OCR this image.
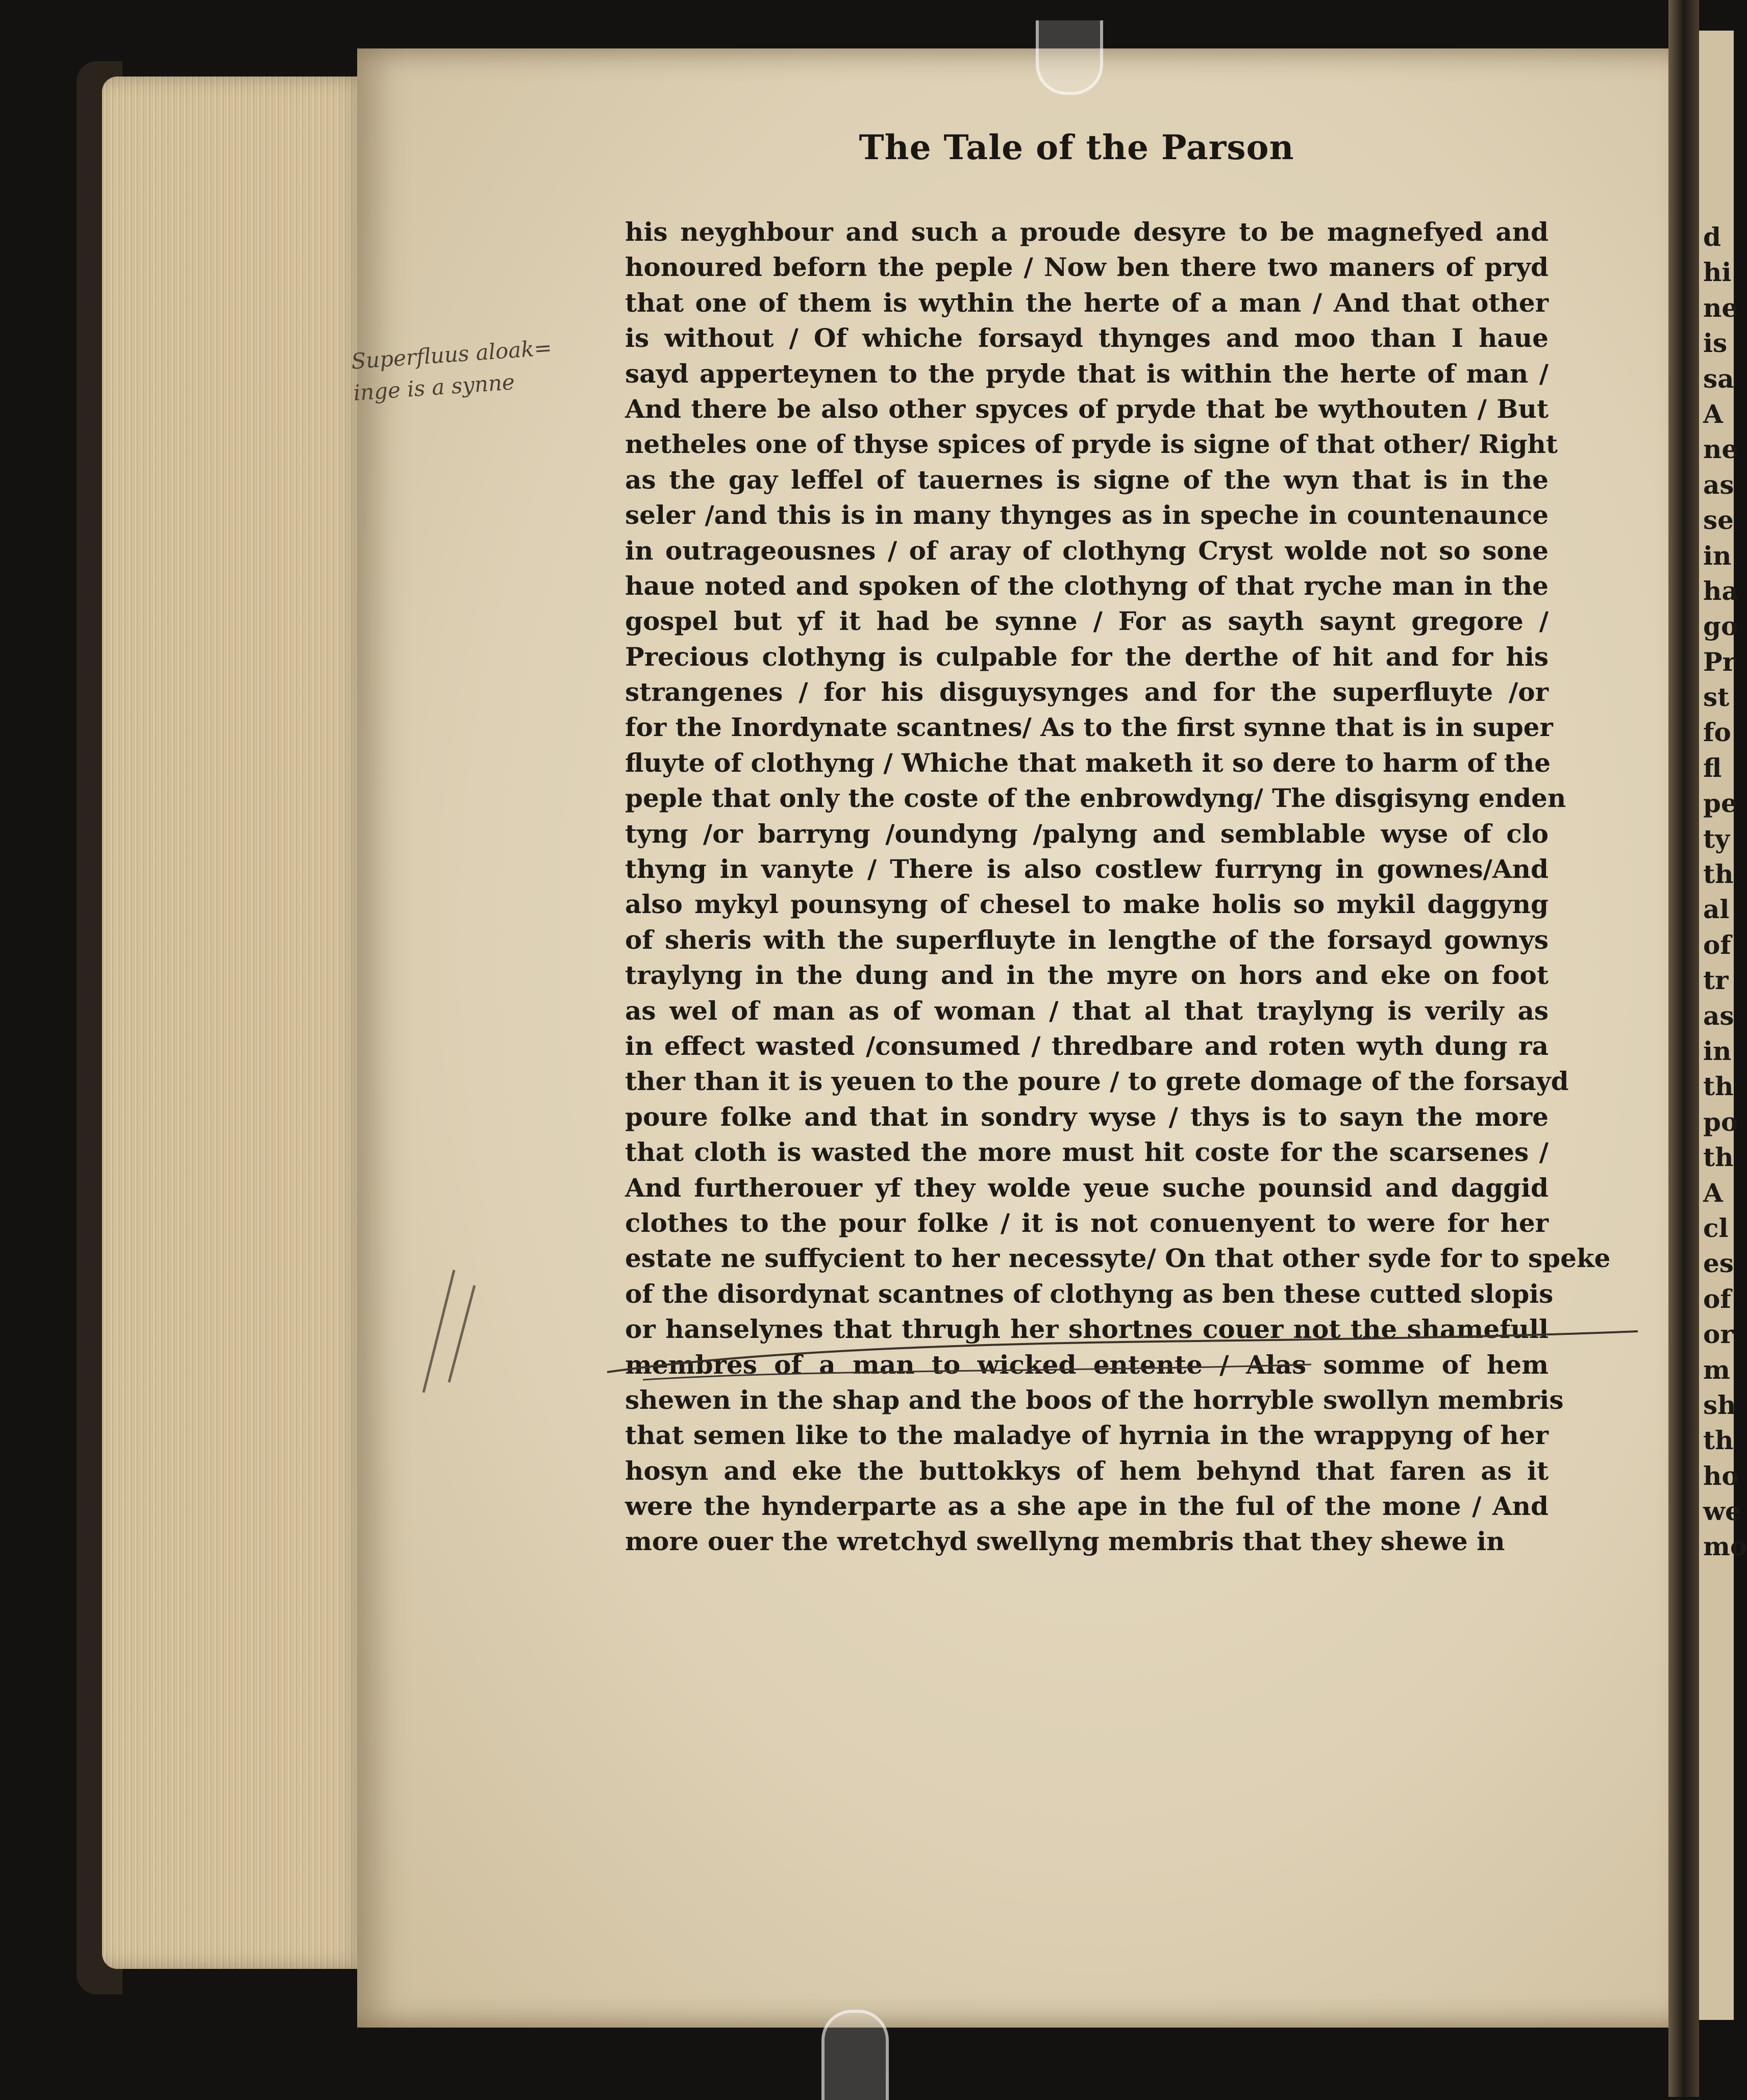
d
hi
ne
is
sa
A
ne
as
se
in
ha
go
Pr
st
fo
fl
pe
ty
th
al
of
tr
as
in
th
po
th
A
cl
es
of
or
m
sh
th
ho
we
mo
The Tale of the Parson
his neyghbour and such a proude desyre to be magnefyed and
honoured beforn the peple / Now ben there two maners of pryd
that one of them is wythin the herte of a man / And that other
is without / Of whiche forsayd thynges and moo than I haue
sayd apperteynen to the pryde that is within the herte of man /
And there be also other spyces of pryde that be wythouten / But
netheles one of thyse spices of pryde is signe of that other/ Right
as the gay leffel of tauernes is signe of the wyn that is in the
seler /and this is in many thynges as in speche in countenaunce
in outrageousnes / of aray of clothyng Cryst wolde not so sone
haue noted and spoken of the clothyng of that ryche man in the
gospel but yf it had be synne / For as sayth saynt gregore /
Precious clothyng is culpable for the derthe of hit and for his
strangenes / for his disguysynges and for the superfluyte /or
for the Inordynate scantnes/ As to the first synne that is in super
fluyte of clothyng / Whiche that maketh it so dere to harm of the
peple that only the coste of the enbrowdyng/ The disgisyng enden
tyng /or barryng /oundyng /palyng and semblable wyse of clo
thyng in vanyte / There is also costlew furryng in gownes/And
also mykyl pounsyng of chesel to make holis so mykil daggyng
of sheris with the superfluyte in lengthe of the forsayd gownys
traylyng in the dung and in the myre on hors and eke on foot
as wel of man as of woman / that al that traylyng is verily as
in effect wasted /consumed / thredbare and roten wyth dung ra
ther than it is yeuen to the poure / to grete domage of the forsayd
poure folke and that in sondry wyse / thys is to sayn the more
that cloth is wasted the more must hit coste for the scarsenes /
And furtherouer yf they wolde yeue suche pounsid and daggid
clothes to the pour folke / it is not conuenyent to were for her
estate ne suffycient to her necessyte/ On that other syde for to speke
of the disordynat scantnes of clothyng as ben these cutted slopis
or hanselynes that thrugh her shortnes couer not the shamefull
membres of a man to wicked entente / Alas somme of hem
shewen in the shap and the boos of the horryble swollyn membris
that semen like to the maladye of hyrnia in the wrappyng of her
hosyn and eke the buttokkys of hem behynd that faren as it
were the hynderparte as a she ape in the ful of the mone / And
more ouer the wretchyd swellyng membris that they shewe in
Superfluus aloak=
inge is a synne
